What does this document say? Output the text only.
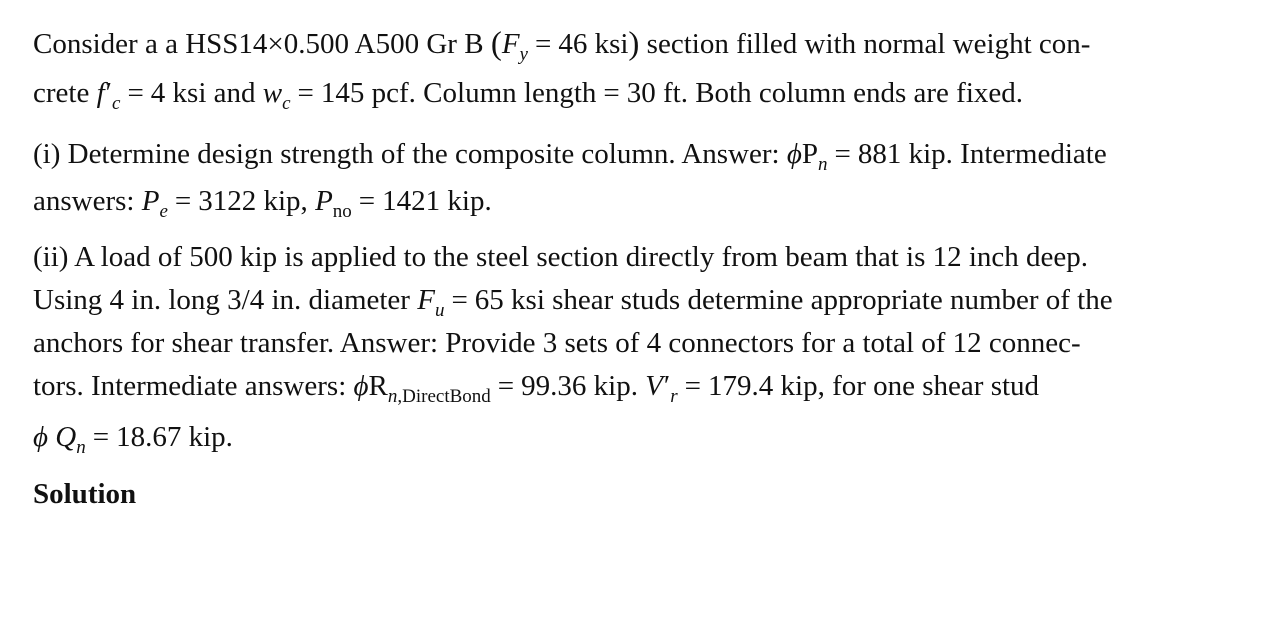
Consider a a HSS14×0.500 A500 Gr B ($F_y = 46$ ksi) section filled with normal weight con-
crete $f'_c = 4$ ksi and $w_c = 145$ pcf. Column length = 30 ft. Both column ends are fixed.
(i) Determine design strength of the composite column. Answer: $\phi P_n = 881$ kip. Intermediate
answers: $P_e = 3122$ kip, $P_{no} = 1421$ kip.
(ii) A load of 500 kip is applied to the steel section directly from beam that is 12 inch deep.
Using 4 in. long 3/4 in. diameter $F_u = 65$ ksi shear studs determine appropriate number of the
anchors for shear transfer. Answer: Provide 3 sets of 4 connectors for a total of 12 connec-
tors. Intermediate answers: $\phi R_{n,DirectBond} = 99.36$ kip. $V'_r = 179.4$ kip, for one shear stud
ϕ $Q_n = 18.67$ kip.
Solution
